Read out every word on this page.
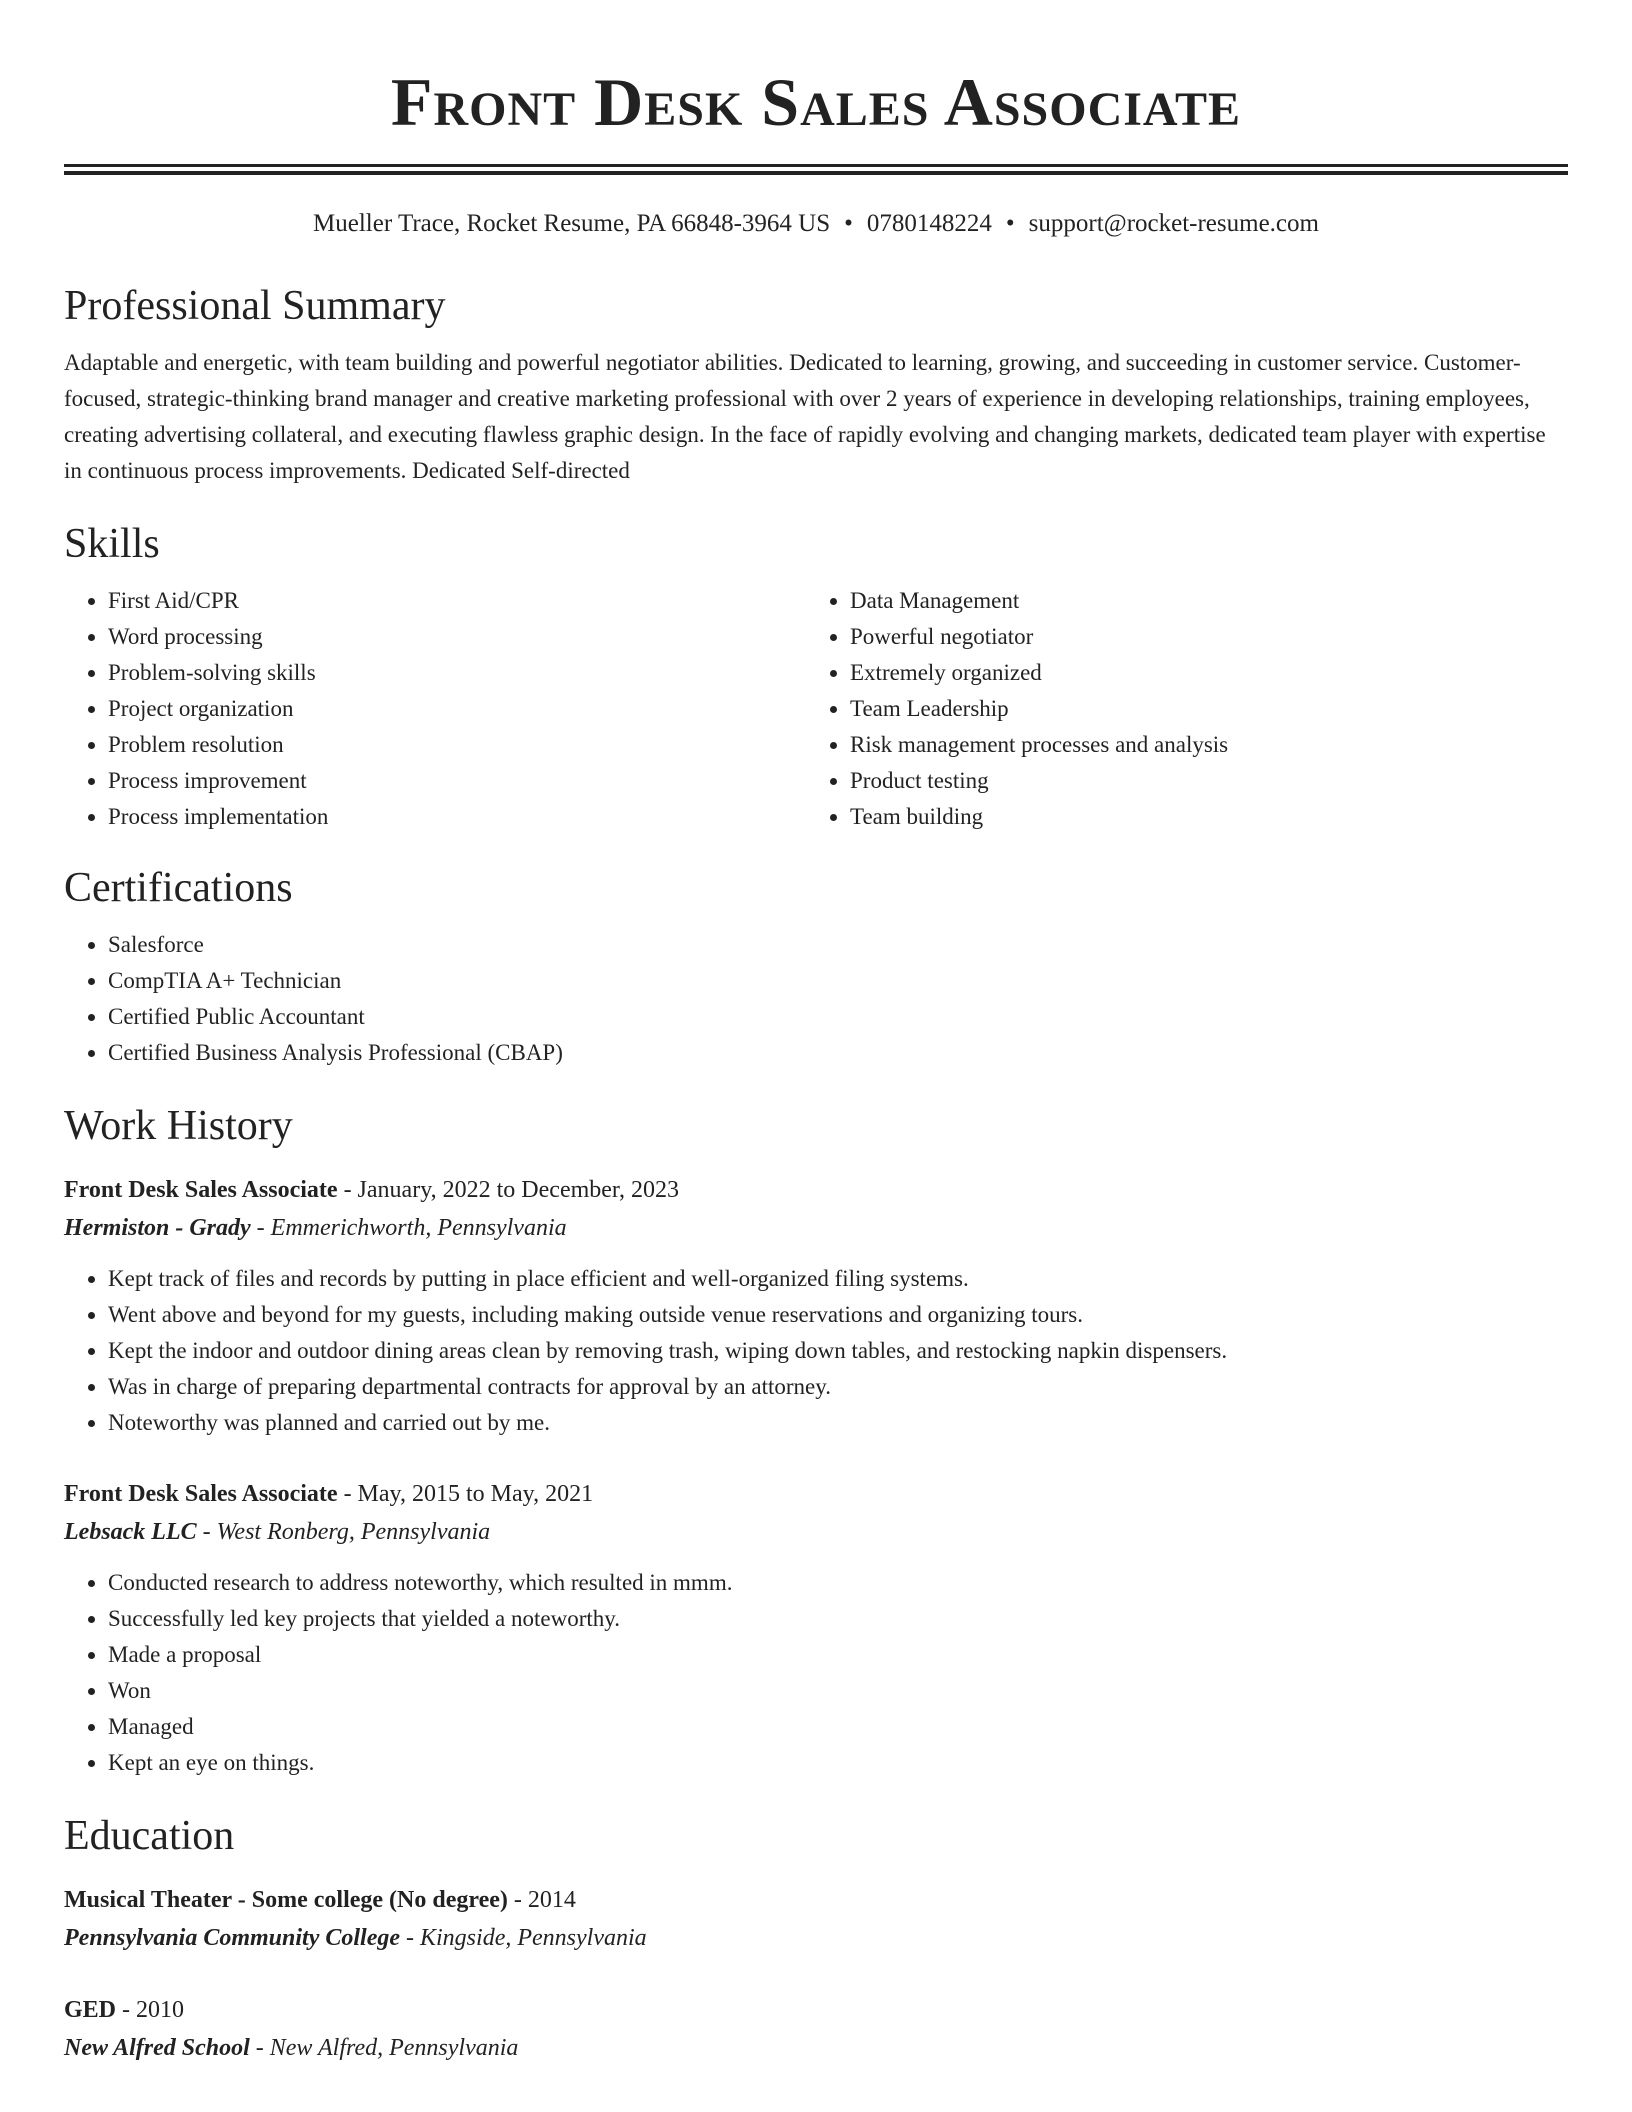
Front Desk Sales Associate
Mueller Trace, Rocket Resume, PA 66848-3964 US • 0780148224 • support@rocket-resume.com
Professional Summary

Adaptable and energetic, with team building and powerful negotiator abilities. Dedicated to learning, growing, and succeeding in customer service. Customer-focused, strategic-thinking brand manager and creative marketing professional with over 2 years of experience in developing relationships, training employees, creating advertising collateral, and executing flawless graphic design. In the face of rapidly evolving and changing markets, dedicated team player with expertise in continuous process improvements. Dedicated Self-directed

Skills
• First Aid/CPR
• Word processing
• Problem-solving skills
• Project organization
• Problem resolution
• Process improvement
• Process implementation
• Data Management
• Powerful negotiator
• Extremely organized
• Team Leadership
• Risk management processes and analysis
• Product testing
• Team building
Certifications
• Salesforce
• CompTIA A+ Technician
• Certified Public Accountant
• Certified Business Analysis Professional (CBAP)
Work History
Front Desk Sales Associate - January, 2022 to December, 2023
Hermiston - Grady - Emmerichworth, Pennsylvania
• Kept track of files and records by putting in place efficient and well-organized filing systems.
• Went above and beyond for my guests, including making outside venue reservations and organizing tours.
• Kept the indoor and outdoor dining areas clean by removing trash, wiping down tables, and restocking napkin dispensers.
• Was in charge of preparing departmental contracts for approval by an attorney.
• Noteworthy was planned and carried out by me.
Front Desk Sales Associate - May, 2015 to May, 2021
Lebsack LLC - West Ronberg, Pennsylvania
• Conducted research to address noteworthy, which resulted in mmm.
• Successfully led key projects that yielded a noteworthy.
• Made a proposal
• Won
• Managed
• Kept an eye on things.
Education
Musical Theater - Some college (No degree) - 2014
Pennsylvania Community College - Kingside, Pennsylvania
GED - 2010
New Alfred School - New Alfred, Pennsylvania
